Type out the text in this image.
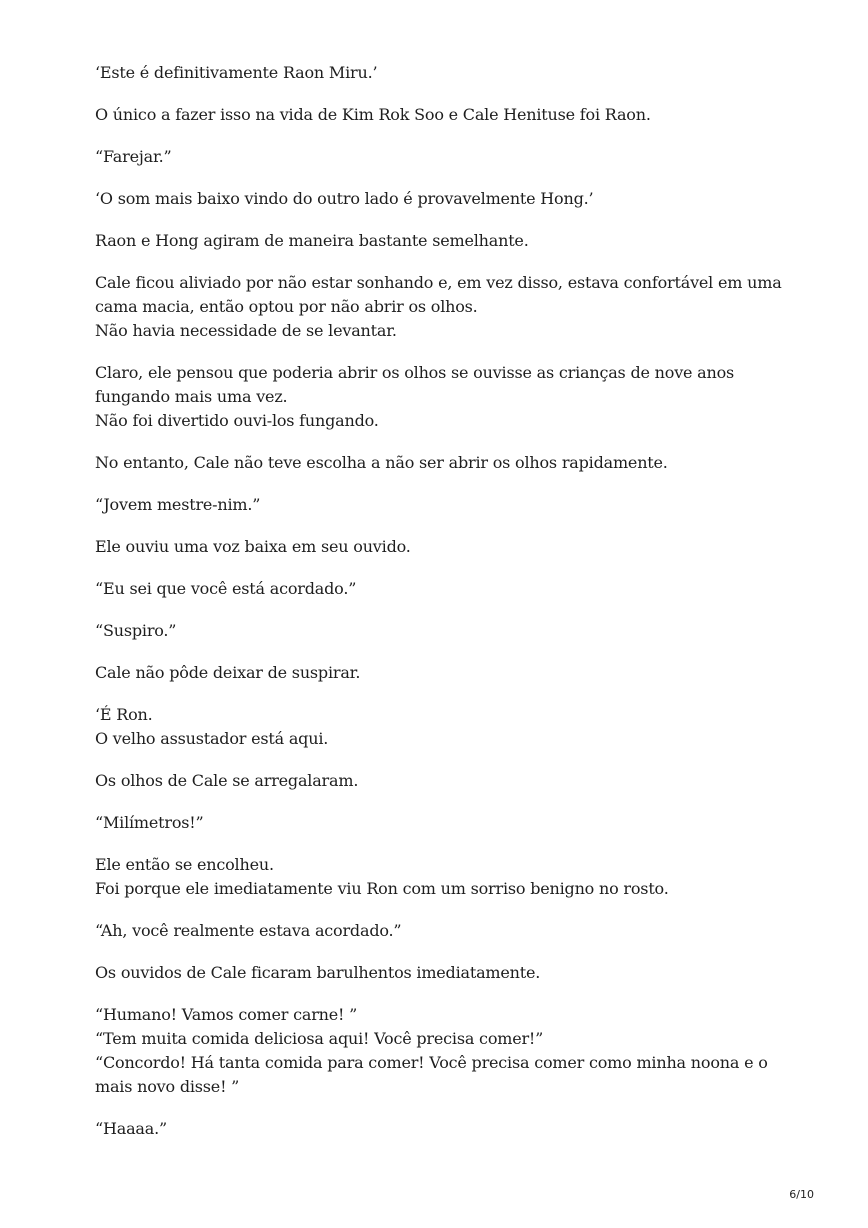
‘Este é definitivamente Raon Miru.’

O único a fazer isso na vida de Kim Rok Soo e Cale Henituse foi Raon.

“Farejar.”

‘O som mais baixo vindo do outro lado é provavelmente Hong.’

Raon e Hong agiram de maneira bastante semelhante.

Cale ficou aliviado por não estar sonhando e, em vez disso, estava confortável em uma
cama macia, então optou por não abrir os olhos.
Não havia necessidade de se levantar.

Claro, ele pensou que poderia abrir os olhos se ouvisse as crianças de nove anos
fungando mais uma vez.
Não foi divertido ouvi-los fungando.

No entanto, Cale não teve escolha a não ser abrir os olhos rapidamente.

“Jovem mestre-nim.”

Ele ouviu uma voz baixa em seu ouvido.

“Eu sei que você está acordado.”

“Suspiro.”

Cale não pôde deixar de suspirar.

‘É Ron.
O velho assustador está aqui.

Os olhos de Cale se arregalaram.

“Milímetros!”

Ele então se encolheu.
Foi porque ele imediatamente viu Ron com um sorriso benigno no rosto.

“Ah, você realmente estava acordado.”

Os ouvidos de Cale ficaram barulhentos imediatamente.

“Humano! Vamos comer carne! ”
“Tem muita comida deliciosa aqui! Você precisa comer!”
“Concordo! Há tanta comida para comer! Você precisa comer como minha noona e o
mais novo disse! ”

“Haaaa.”

6/10
